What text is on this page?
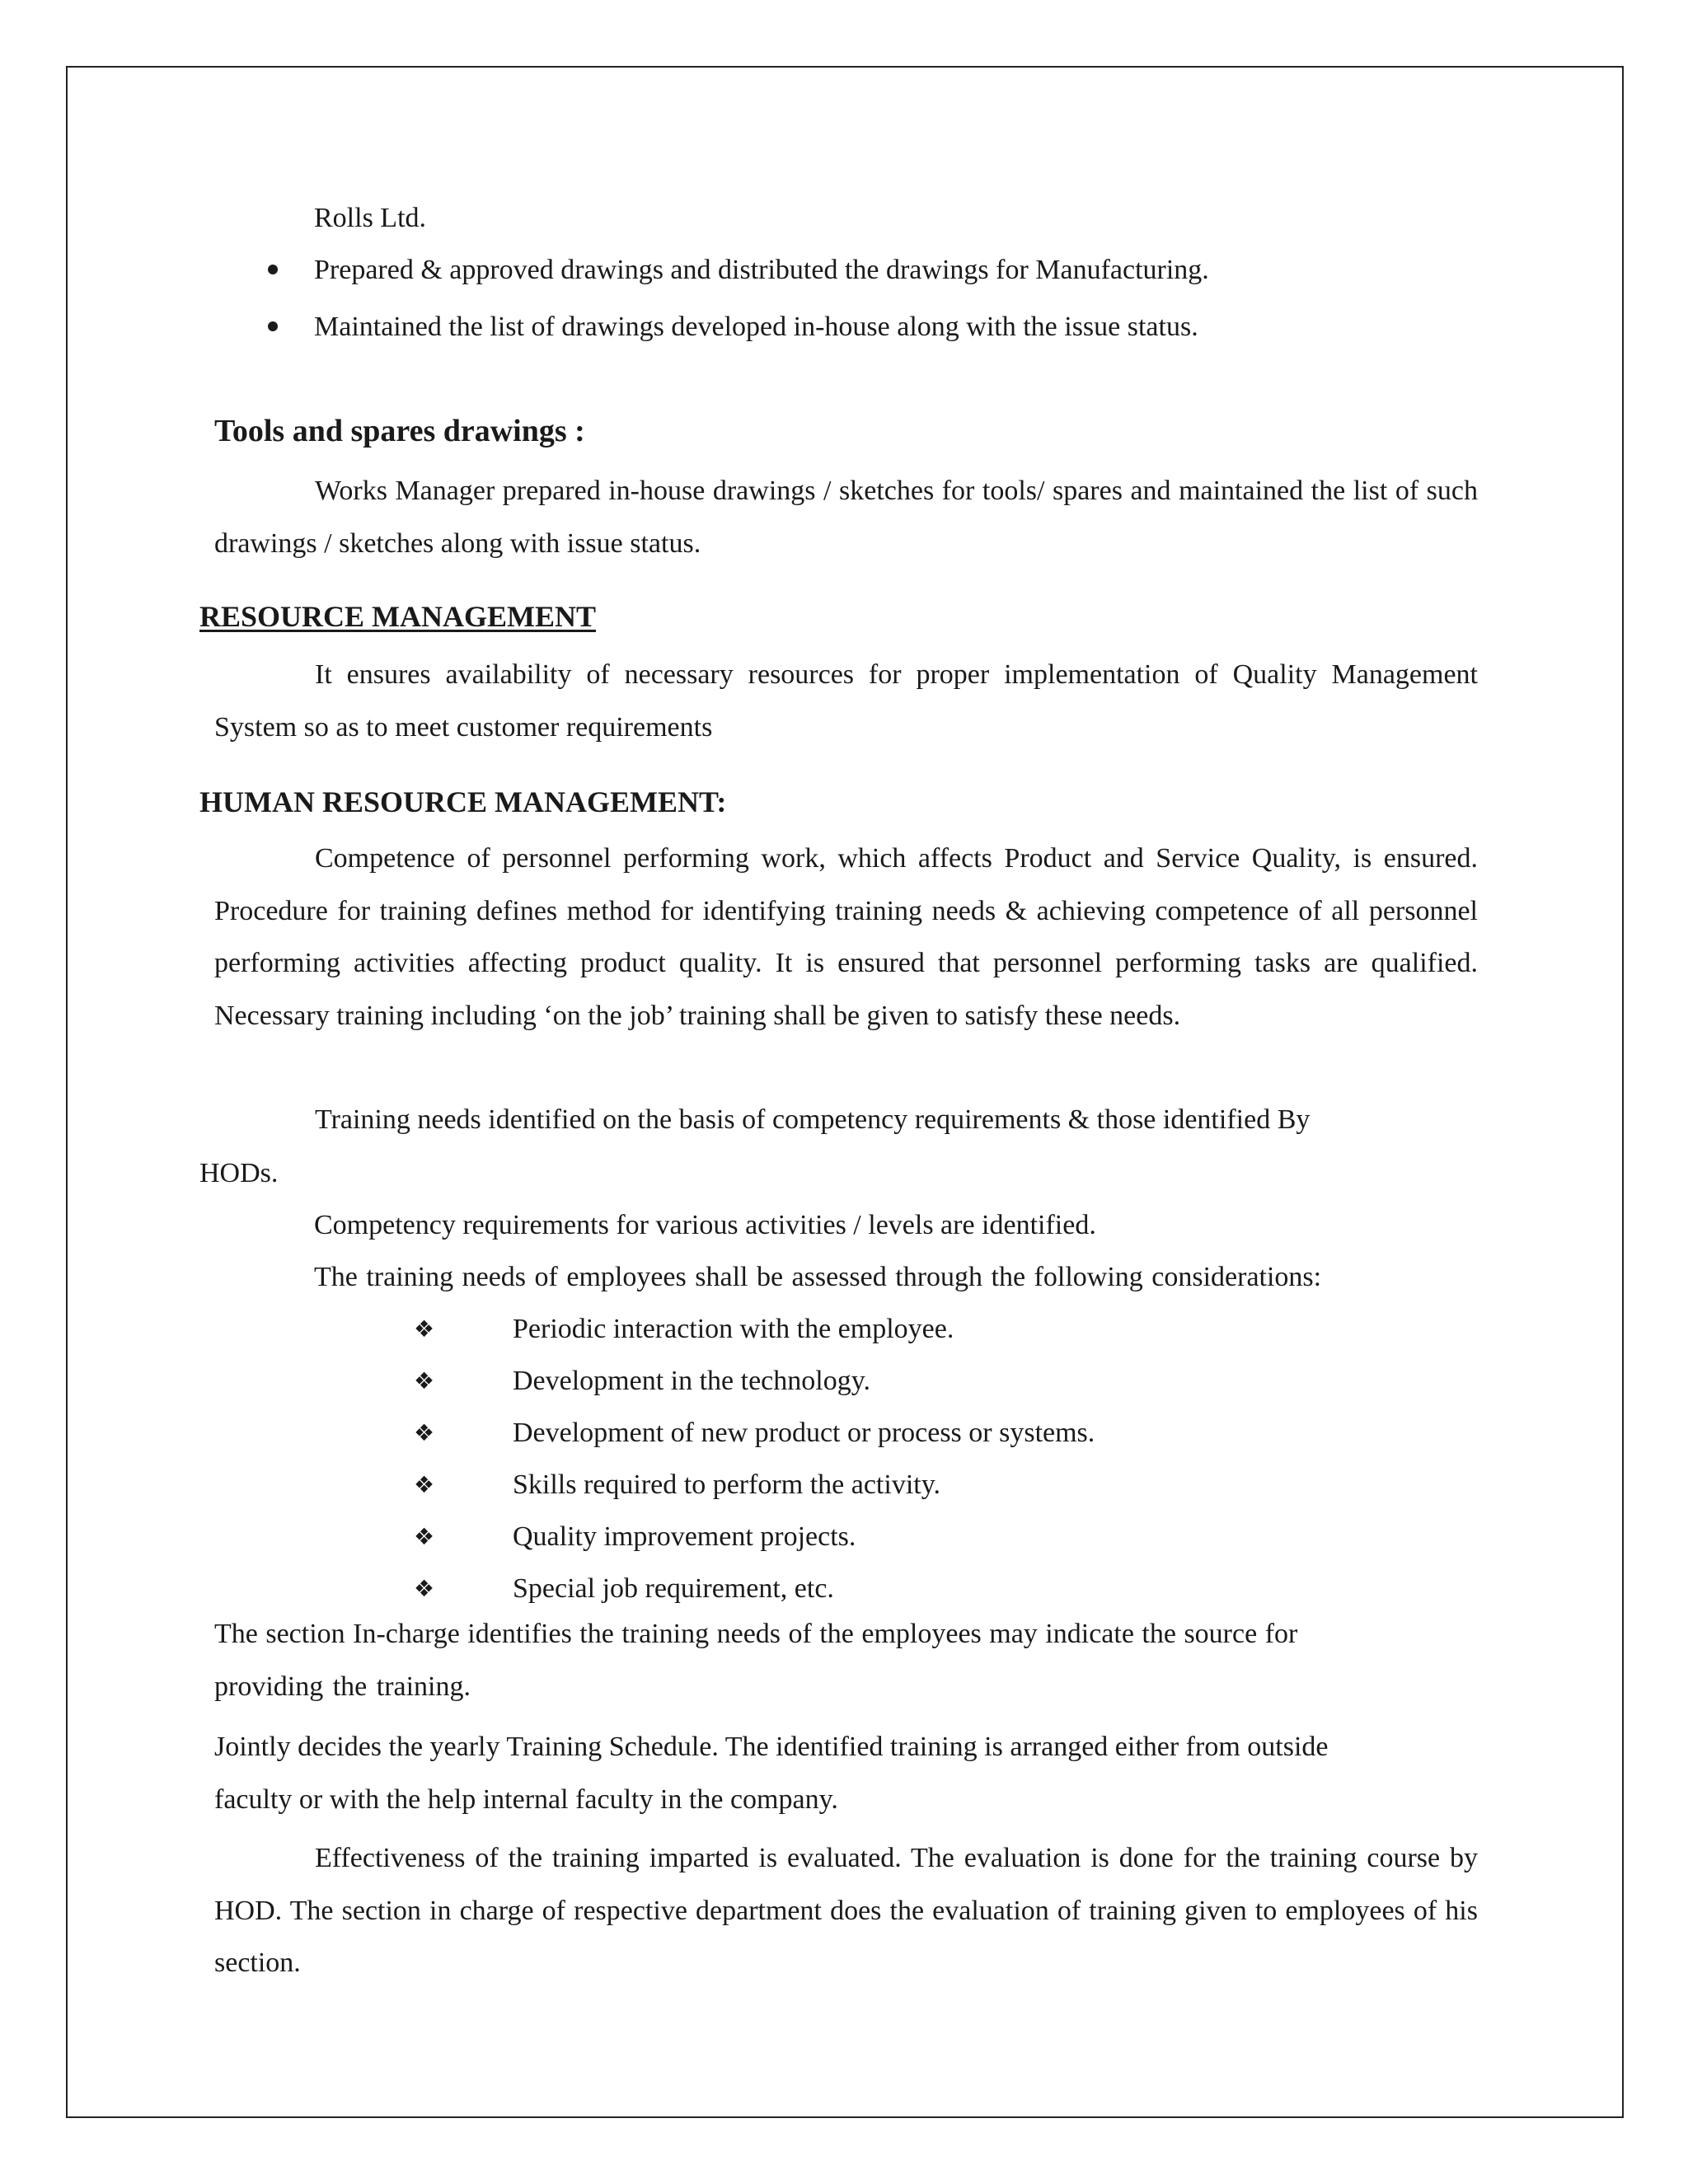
Rolls Ltd.
Prepared & approved drawings and distributed the drawings for Manufacturing.
Maintained the list of drawings developed in-house along with the issue status.
Tools and spares drawings :

Works Manager prepared in-house drawings / sketches for tools/ spares and maintained the list of such drawings / sketches along with issue status.

RESOURCE MANAGEMENT

It ensures availability of necessary resources for proper implementation of Quality Management System so as to meet customer requirements

HUMAN RESOURCE MANAGEMENT:

Competence of personnel performing work, which affects Product and Service Quality, is ensured. Procedure for training defines method for identifying training needs & achieving competence of all personnel performing activities affecting product quality. It is ensured that personnel performing tasks are qualified. Necessary training including ‘on the job’ training shall be given to satisfy these needs.

Training needs identified on the basis of competency requirements & those identified By

HODs.
Competency requirements for various activities / levels are identified.
The training needs of employees shall be assessed through the following considerations:
❖	Periodic interaction with the employee.
❖	Development in the technology.
❖	Development of new product or process or systems.
❖	Skills required to perform the activity.
❖	Quality improvement projects.
❖	Special job requirement, etc.
The section In-charge identifies the training needs of the employees may indicate the source for
providing the training.
Jointly decides the yearly Training Schedule. The identified training is arranged either from outside
faculty or with the help internal faculty in the company.

Effectiveness of the training imparted is evaluated. The evaluation is done for the training course by HOD. The section in charge of respective department does the evaluation of training given to employees of his section.
